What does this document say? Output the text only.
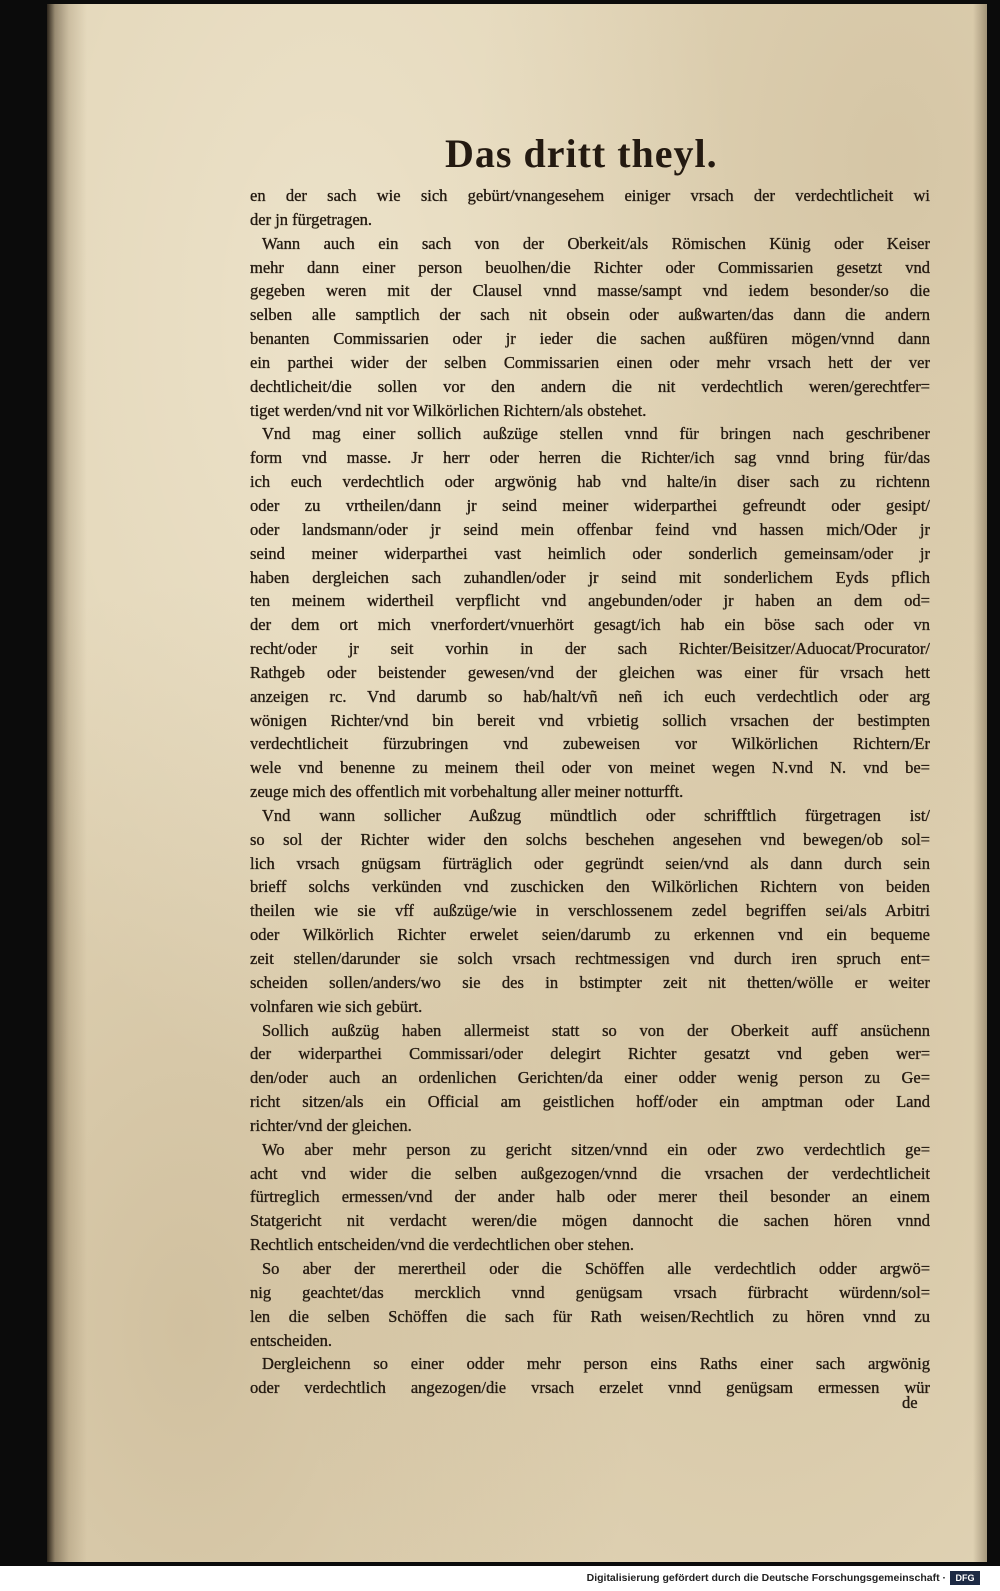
Das dritt theyl.
en der sach wie sich gebürt/vnangesehem einiger vrsach der verdechtlicheit wi
der jn fürgetragen.
Wann auch ein sach von der Oberkeit/als Römischen Künig oder Keiser
mehr dann einer person beuolhen/die Richter oder Commissarien gesetzt vnd
gegeben weren mit der Clausel vnnd masse/sampt vnd iedem besonder/so die
selben alle samptlich der sach nit obsein oder außwarten/das dann die andern
benanten Commissarien oder jr ieder die sachen außfüren mögen/vnnd dann
ein parthei wider der selben Commissarien einen oder mehr vrsach hett der ver
dechtlicheit/die sollen vor den andern die nit verdechtlich weren/gerechtfer=
tiget werden/vnd nit vor Wilkörlichen Richtern/als obstehet.
Vnd mag einer sollich außzüge stellen vnnd für bringen nach geschribener
form vnd masse. Jr herr oder herren die Richter/ich sag vnnd bring für/das
ich euch verdechtlich oder argwönig hab vnd halte/in diser sach zu richtenn
oder zu vrtheilen/dann jr seind meiner widerparthei gefreundt oder gesipt/
oder landsmann/oder jr seind mein offenbar feind vnd hassen mich/Oder jr
seind meiner widerparthei vast heimlich oder sonderlich gemeinsam/oder jr
haben dergleichen sach zuhandlen/oder jr seind mit sonderlichem Eyds pflich
ten meinem widertheil verpflicht vnd angebunden/oder jr haben an dem od=
der dem ort mich vnerfordert/vnuerhört gesagt/ich hab ein böse sach oder vn
recht/oder jr seit vorhin in der sach Richter/Beisitzer/Aduocat/Procurator/
Rathgeb oder beistender gewesen/vnd der gleichen was einer für vrsach hett
anzeigen rc. Vnd darumb so hab/halt/vñ neñ ich euch verdechtlich oder arg
wönigen Richter/vnd bin bereit vnd vrbietig sollich vrsachen der bestimpten
verdechtlicheit fürzubringen vnd zubeweisen vor Wilkörlichen Richtern/Er
wele vnd benenne zu meinem theil oder von meinet wegen N.vnd N. vnd be=
zeuge mich des offentlich mit vorbehaltung aller meiner notturfft.
Vnd wann sollicher Außzug mündtlich oder schrifftlich fürgetragen ist/
so sol der Richter wider den solchs beschehen angesehen vnd bewegen/ob sol=
lich vrsach gnügsam fürträglich oder gegründt seien/vnd als dann durch sein
brieff solchs verkünden vnd zuschicken den Wilkörlichen Richtern von beiden
theilen wie sie vff außzüge/wie in verschlossenem zedel begriffen sei/als Arbitri
oder Wilkörlich Richter erwelet seien/darumb zu erkennen vnd ein bequeme
zeit stellen/darunder sie solch vrsach rechtmessigen vnd durch iren spruch ent=
scheiden sollen/anders/wo sie des in bstimpter zeit nit thetten/wölle er weiter
volnfaren wie sich gebürt.
Sollich außzüg haben allermeist statt so von der Oberkeit auff ansüchenn
der widerparthei Commissari/oder delegirt Richter gesatzt vnd geben wer=
den/oder auch an ordenlichen Gerichten/da einer odder wenig person zu Ge=
richt sitzen/als ein Official am geistlichen hoff/oder ein amptman oder Land
richter/vnd der gleichen.
Wo aber mehr person zu gericht sitzen/vnnd ein oder zwo verdechtlich ge=
acht vnd wider die selben außgezogen/vnnd die vrsachen der verdechtlicheit
fürtreglich ermessen/vnd der ander halb oder merer theil besonder an einem
Statgericht nit verdacht weren/die mögen dannocht die sachen hören vnnd
Rechtlich entscheiden/vnd die verdechtlichen ober stehen.
So aber der merertheil oder die Schöffen alle verdechtlich odder argwö=
nig geachtet/das mercklich vnnd genügsam vrsach fürbracht würdenn/sol=
len die selben Schöffen die sach für Rath weisen/Rechtlich zu hören vnnd zu
entscheiden.
Dergleichenn so einer odder mehr person eins Raths einer sach argwönig
oder verdechtlich angezogen/die vrsach erzelet vnnd genügsam ermessen wür
de
Digitalisierung gefördert durch die Deutsche Forschungsgemeinschaft ·	DFG
